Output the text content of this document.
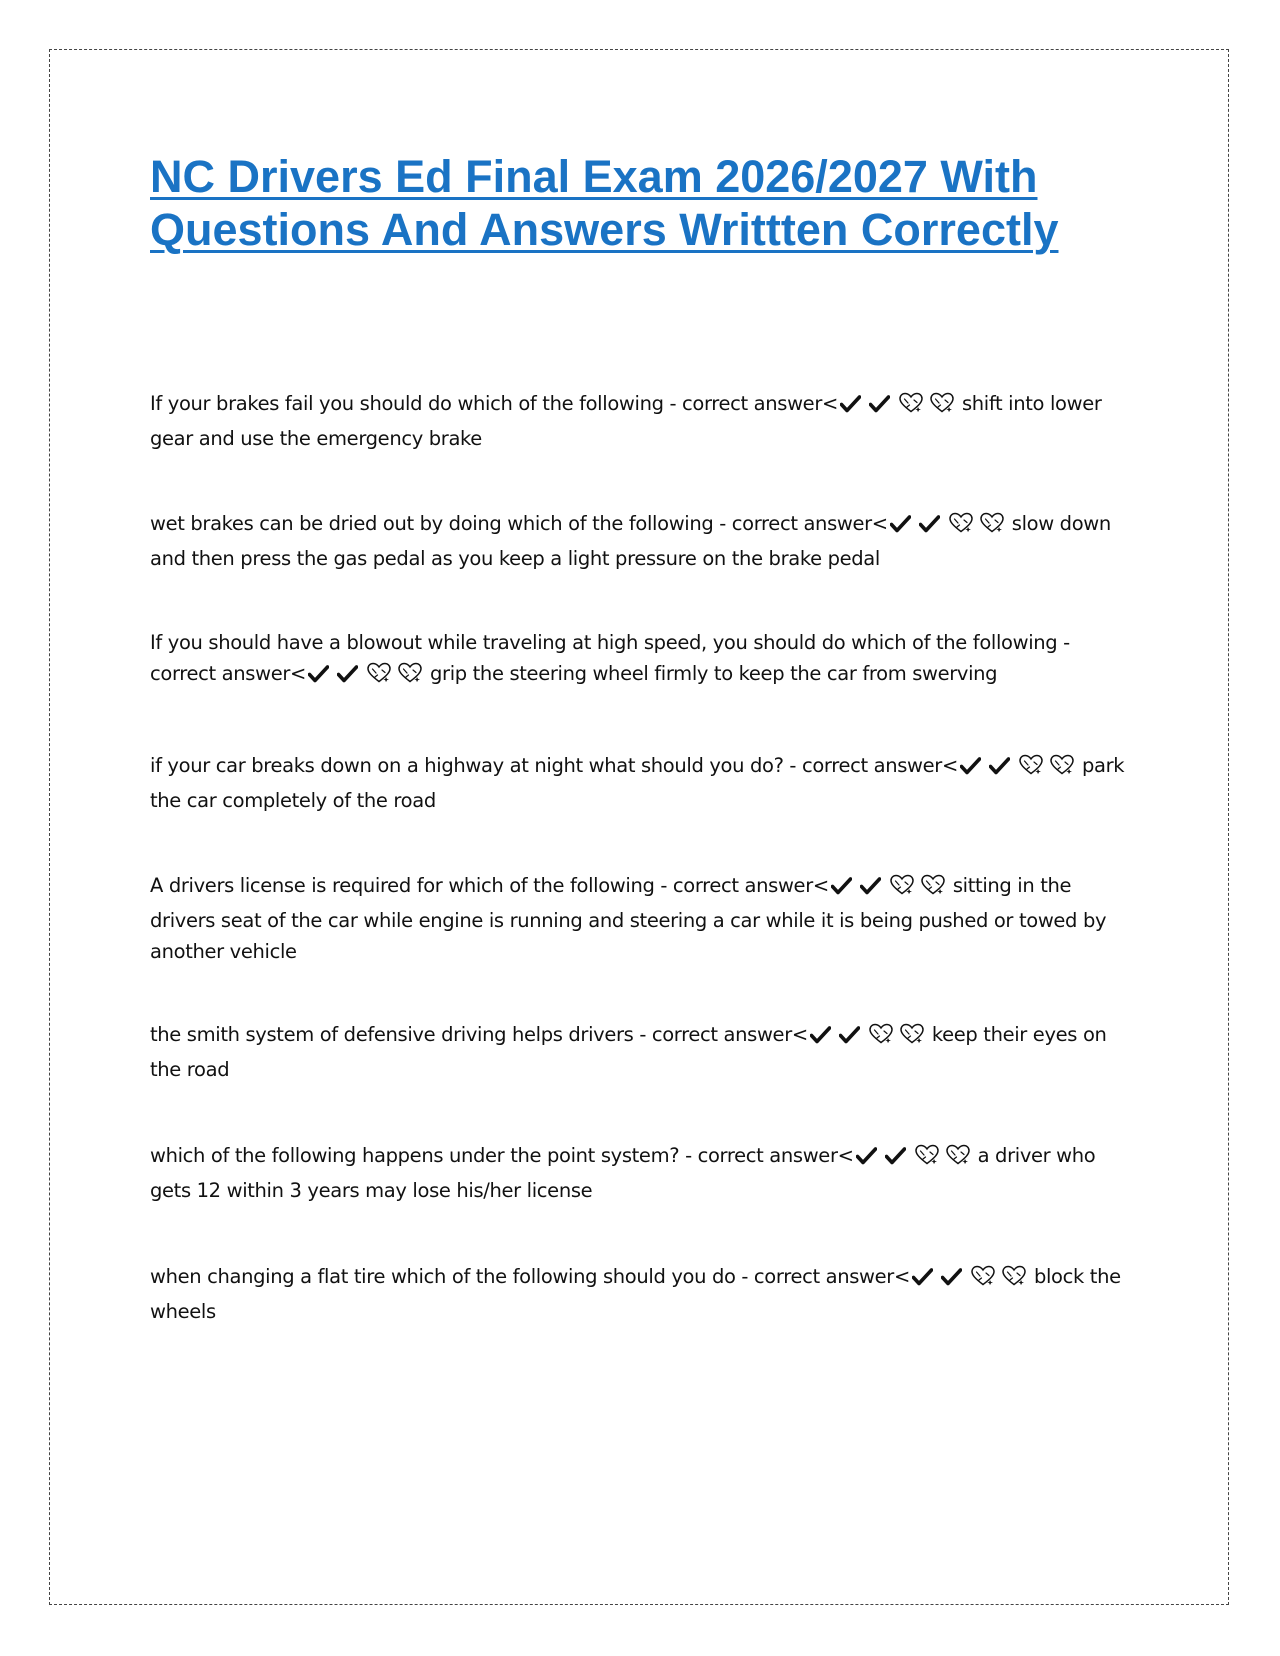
NC Drivers Ed Final Exam 2026/2027 With Questions And Answers Writtten Correctly

If your brakes fail you should do which of the following - correct answer<	shift into lower gear and use the emergency brake

wet brakes can be dried out by doing which of the following - correct answer<	slow down and then press the gas pedal as you keep a light pressure on the brake pedal

If you should have a blowout while traveling at high speed, you should do which of the following - correct answer<	grip the steering wheel firmly to keep the car from swerving

if your car breaks down on a highway at night what should you do? - correct answer<	park the car completely of the road

A drivers license is required for which of the following - correct answer<	sitting in the drivers seat of the car while engine is running and steering a car while it is being pushed or towed by another vehicle

the smith system of defensive driving helps drivers - correct answer<	keep their eyes on the road

which of the following happens under the point system? - correct answer<	a driver who gets 12 within 3 years may lose his/her license

when changing a flat tire which of the following should you do - correct answer<	block the wheels
